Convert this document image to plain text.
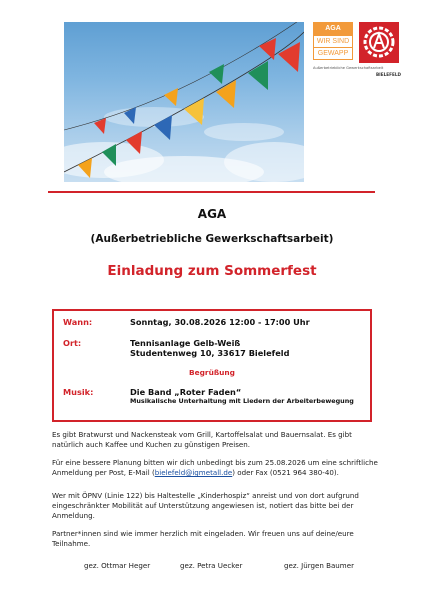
AGA
WIR SIND
GEWAPP
Außerbetriebliche Gewerkschaftsarbeit
BIELEFELD
AGA
(Außerbetriebliche Gewerkschaftsarbeit)
Einladung zum Sommerfest
Wann:	Sonntag, 30.08.2026 12:00 - 17:00 Uhr
Ort:	Tennisanlage Gelb-Weiß
Studentenweg 10, 33617 Bielefeld
Begrüßung
Musik:	Die Band „Roter Faden“
Musikalische Unterhaltung mit Liedern der Arbeiterbewegung
Es gibt Bratwurst und Nackensteak vom Grill, Kartoffelsalat und Bauernsalat. Es gibt natürlich auch Kaffee und Kuchen zu günstigen Preisen.
Für eine bessere Planung bitten wir dich unbedingt bis zum 25.08.2026 um eine schriftliche Anmeldung per Post, E-Mail (bielefeld@igmetall.de) oder Fax (0521 964 380-40).
Wer mit ÖPNV (Linie 122) bis Haltestelle „Kinderhospiz“ anreist und von dort aufgrund eingeschränkter Mobilität auf Unterstützung angewiesen ist, notiert das bitte bei der Anmeldung.
Partner*innen sind wie immer herzlich mit eingeladen. Wir freuen uns auf deine/eure Teilnahme.
gez. Ottmar Heger	gez. Petra Uecker	gez. Jürgen Baumer
